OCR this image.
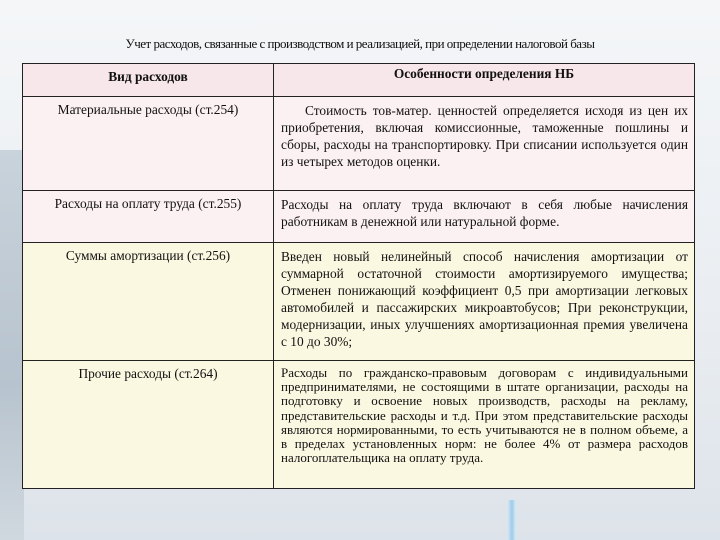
Учет расходов, связанные с производством и реализацией, при определении налоговой базы
Вид расходов	Особенности определения НБ
Материальные расходы (ст.254)	Стоимость тов-матер. ценностей определяется исходя из цен их приобретения, включая комиссионные, таможенные пошлины и сборы, расходы на транспортировку. При списании используется один из четырех методов оценки.
Расходы на оплату труда (ст.255)	Расходы на оплату труда включают в себя любые начисления работникам в денежной или натуральной форме.
Суммы амортизации (ст.256)	Введен новый нелинейный способ начисления амортизации от суммарной остаточной стоимости амортизируемого имущества; Отменен понижающий коэффициент 0,5 при амортизации легковых автомобилей и пассажирских микроавтобусов; При реконструкции, модернизации, иных улучшениях амортизационная премия увеличена с 10 до 30%;
Прочие расходы (ст.264)	Расходы по гражданско-правовым договорам с индивидуальными предпринимателями, не состоящими в штате организации, расходы на подготовку и освоение новых производств, расходы на рекламу, представительские расходы и т.д. При этом представительские расходы являются нормированными, то есть учитываются не в полном объеме, а в пределах установленных норм: не более 4% от размера расходов налогоплательщика на оплату труда.
